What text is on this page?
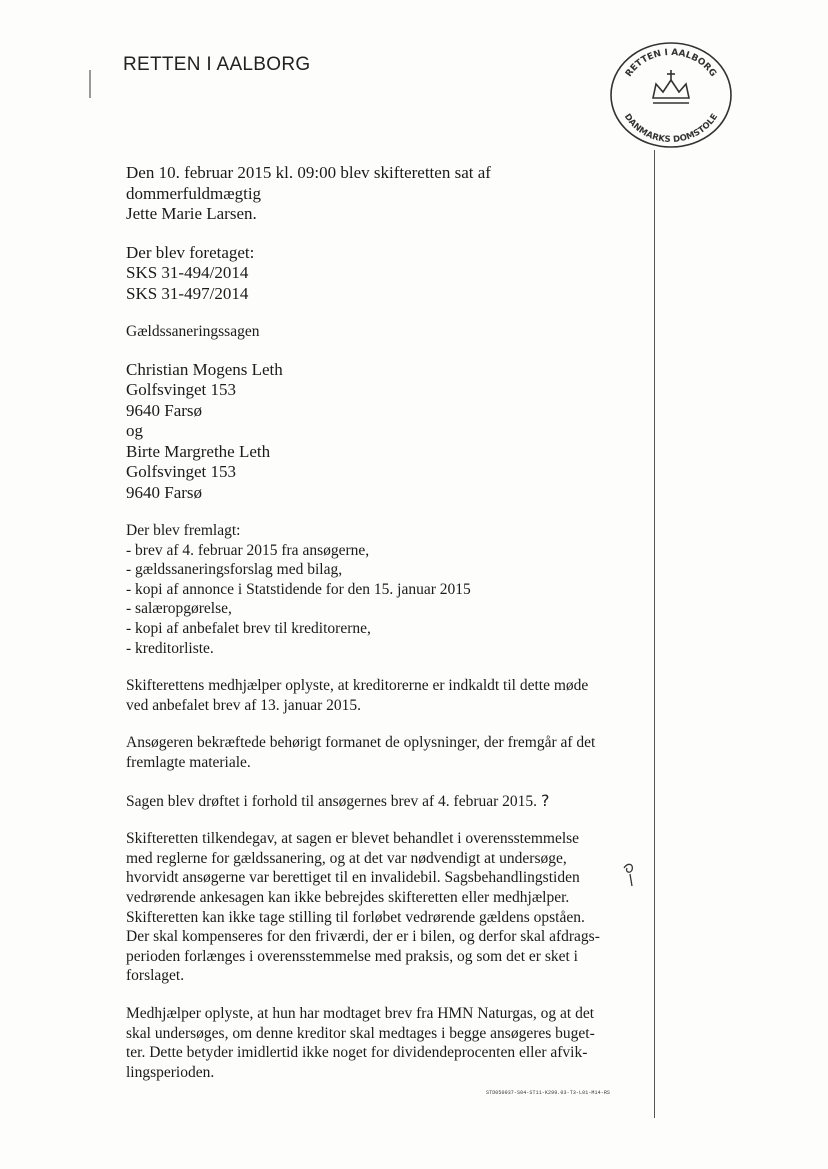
RETTEN I AALBORG	RETTEN I AALBORG
DANMARKS DOMSTOLE

Den 10. februar 2015 kl. 09:00 blev skifteretten sat af dommerfuldmægtig

Jette Marie Larsen.

Der blev foretaget:

SKS 31-494/2014

SKS 31-497/2014

Gældssaneringssagen

Christian Mogens Leth

Golfsvinget 153

9640 Farsø

og

Birte Margrethe Leth

Golfsvinget 153

9640 Farsø

Der blev fremlagt:

- brev af 4. februar 2015 fra ansøgerne,

- gældssaneringsforslag med bilag,

- kopi af annonce i Statstidende for den 15. januar 2015

- salæropgørelse,

- kopi af anbefalet brev til kreditorerne,

- kreditorliste.

Skifterettens medhjælper oplyste, at kreditorerne er indkaldt til dette møde

ved anbefalet brev af 13. januar 2015.

Ansøgeren bekræftede behørigt formanet de oplysninger, der fremgår af det

fremlagte materiale.

Sagen blev drøftet i forhold til ansøgernes brev af 4. februar 2015. ?

Skifteretten tilkendegav, at sagen er blevet behandlet i overensstemmelse

med reglerne for gældssanering, og at det var nødvendigt at undersøge,

hvorvidt ansøgerne var berettiget til en invalidebil. Sagsbehandlingstiden

vedrørende ankesagen kan ikke bebrejdes skifteretten eller medhjælper.

Skifteretten kan ikke tage stilling til forløbet vedrørende gældens opståen.

Der skal kompenseres for den friværdi, der er i bilen, og derfor skal afdrags-

perioden forlænges i overensstemmelse med praksis, og som det er sket i

forslaget.

Medhjælper oplyste, at hun har modtaget brev fra HMN Naturgas, og at det

skal undersøges, om denne kreditor skal medtages i begge ansøgeres buget-

ter. Dette betyder imidlertid ikke noget for dividendeprocenten eller afvik-

lingsperioden.

STD050037-S04-ST11-K299.03-T3-L01-M14-RS
